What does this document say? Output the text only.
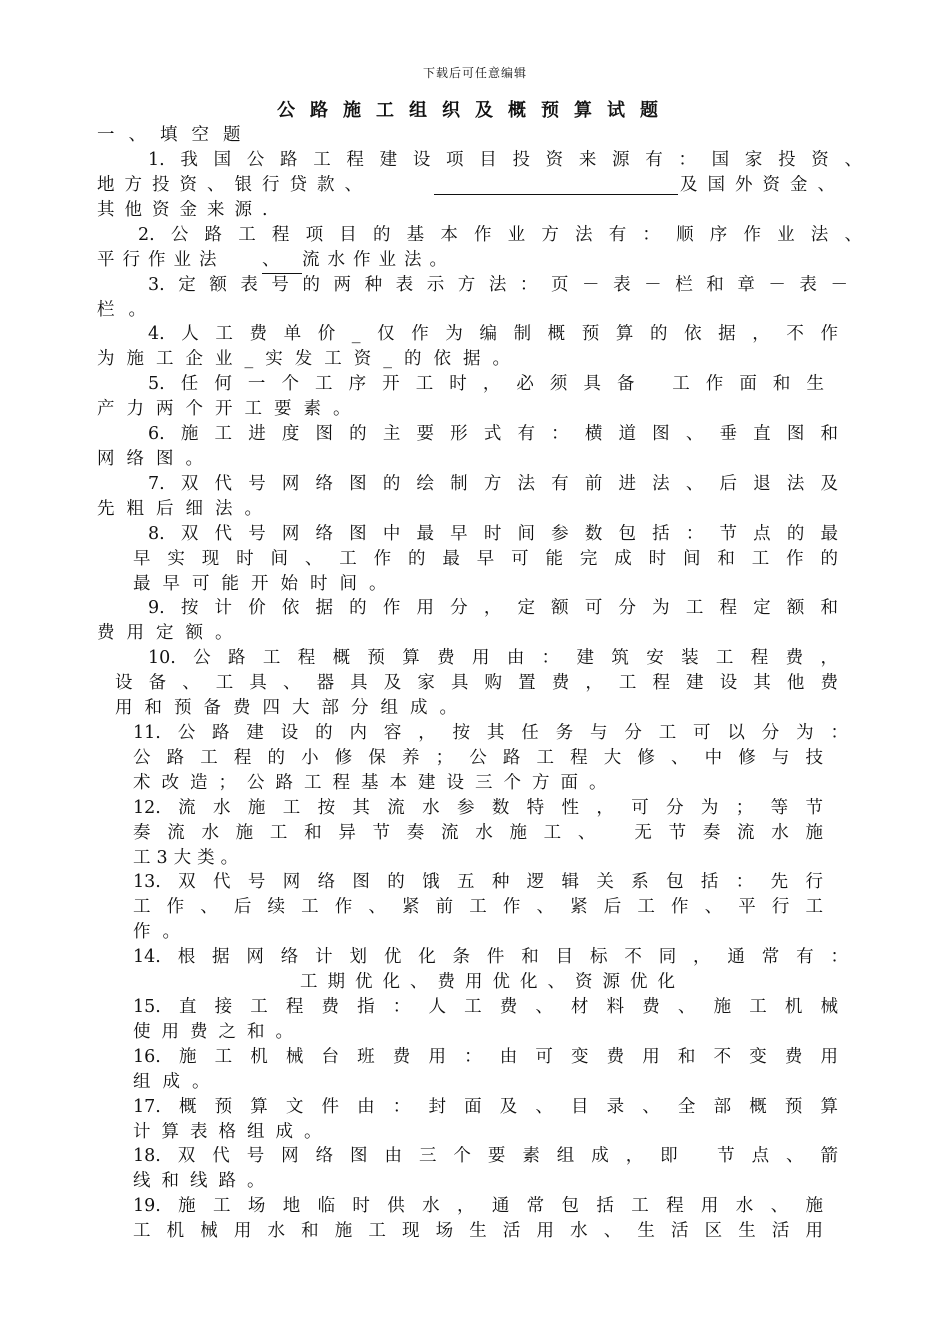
下载后可任意编辑
公路施工组织及概预算试题
一、填空题
1.我国公路工程建设项目投资来源有：国家投资、
地方投资、银行贷款、	及国外资金、
其他资金来源.
2.公路工程项目的基本作业方法有：顺序作业法、
平行作业法 、	流水作业法。
3.定额表号的两种表示方法：页－表－栏和章－表－
栏。
4.人工费单价_仅作为编制概预算的依据，不作
为施工企业_实发工资_的依据。
5.任何一个工序开工时，必须具备 工作面和生
产力两个开工要素。
6.施工进度图的主要形式有：横道图、垂直图和
网络图。
7.双代号网络图的绘制方法有前进法、后退法及
先粗后细法。
8.双代号网络图中最早时间参数包括：节点的最
早实现时间、工作的最早可能完成时间和工作的
最早可能开始时间。
9.按计价依据的作用分，定额可分为工程定额和
费用定额。
10.公路工程概预算费用由：建筑安装工程费，
设备、工具、器具及家具购置费，工程建设其他费
用和预备费四大部分组成。
11.公路建设的内容，按其任务与分工可以分为：
公路工程的小修保养；公路工程大修、中修与技
术改造；公路工程基本建设三个方面。
12.流水施工按其流水参数特性，可分为；等节
奏流水施工和异节奏流水施工、 无节奏流水施
工3大类。
13.双代号网络图的饿五种逻辑关系包括：先行
工作、后续工作、紧前工作、紧后工作、平行工
作。
14.根据网络计划优化条件和目标不同，通常有：
工期优化、费用优化、资源优化
15.直接工程费指：人工费、材料费、施工机械
使用费之和。
16.施工机械台班费用：由可变费用和不变费用
组成。
17.概预算文件由：封面及、目录、全部概预算
计算表格组成。
18.双代号网络图由三个要素组成，即 节点、箭
线和线路。
19.施工场地临时供水，通常包括工程用水、施
工机械用水和施工现场生活用水、生活区生活用
